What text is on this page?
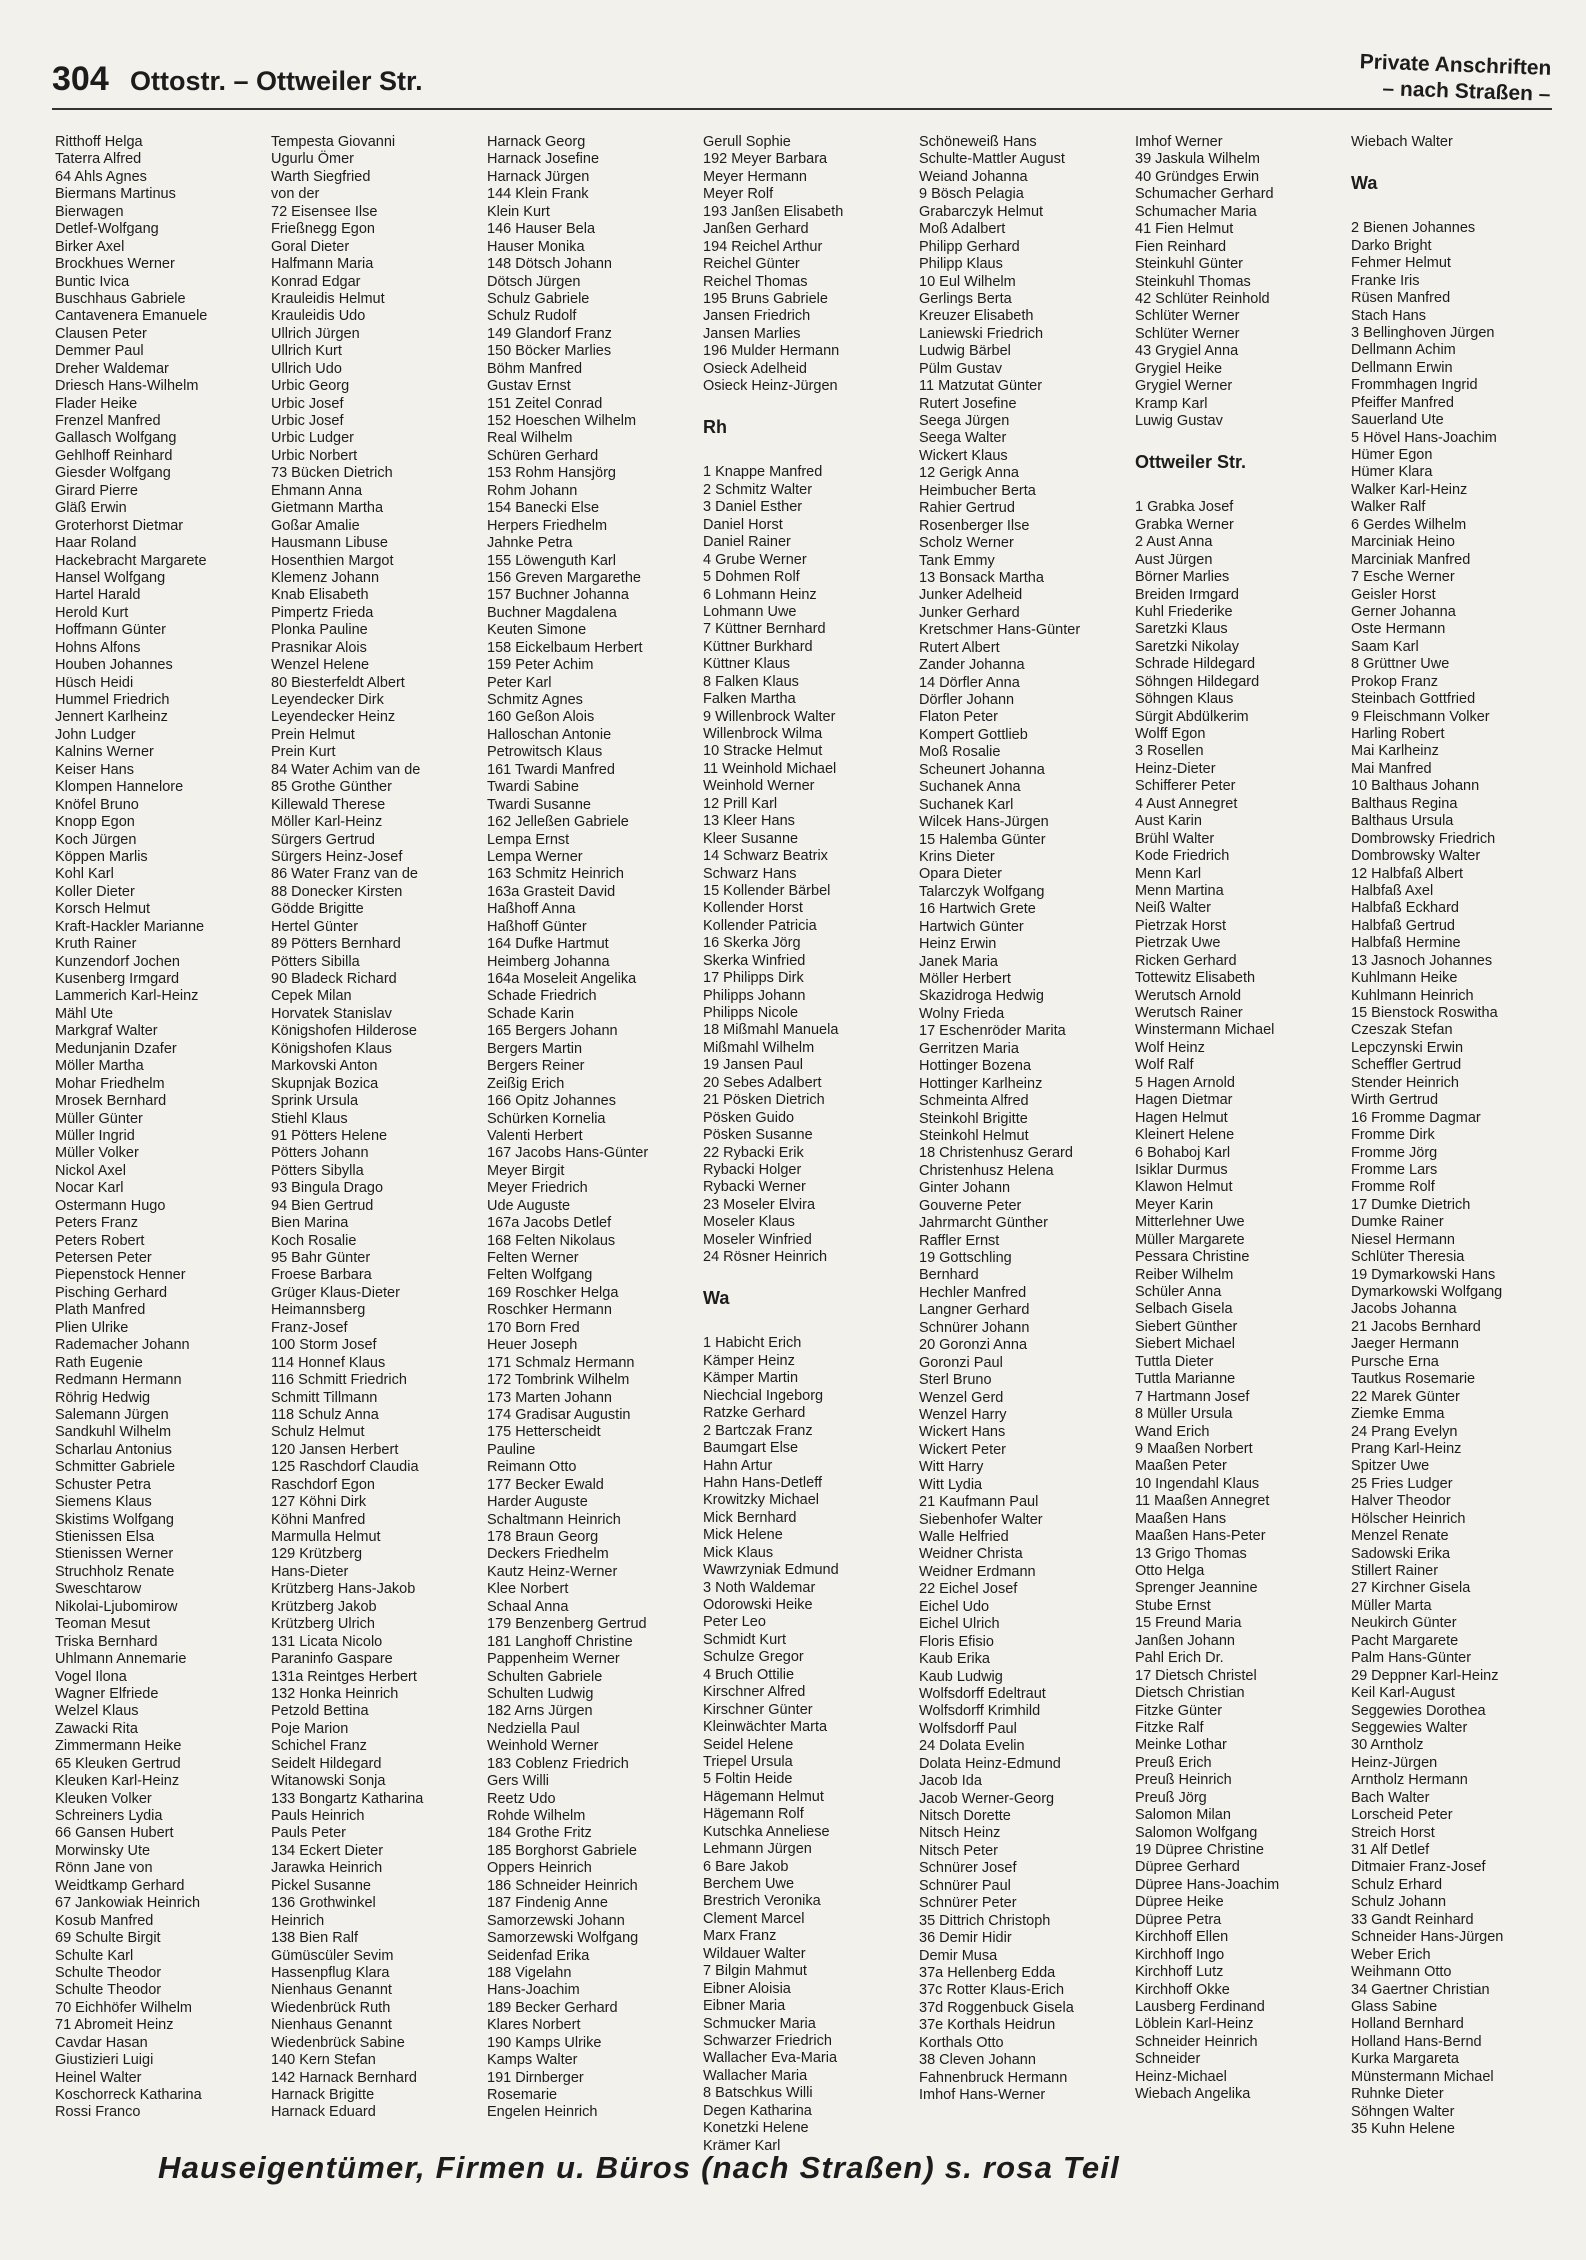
304 Ottostr. – Ottweiler Str.
Private Anschriften
– nach Straßen –
Ritthoff Helga
Taterra Alfred
64 Ahls Agnes
Biermans Martinus
Bierwagen
Detlef-Wolfgang
Birker Axel
Brockhues Werner
Buntic Ivica
Buschhaus Gabriele
Cantavenera Emanuele
Clausen Peter
Demmer Paul
Dreher Waldemar
Driesch Hans-Wilhelm
Flader Heike
Frenzel Manfred
Gallasch Wolfgang
Gehlhoff Reinhard
Giesder Wolfgang
Girard Pierre
Gläß Erwin
Groterhorst Dietmar
Haar Roland
Hackebracht Margarete
Hansel Wolfgang
Hartel Harald
Herold Kurt
Hoffmann Günter
Hohns Alfons
Houben Johannes
Hüsch Heidi
Hummel Friedrich
Jennert Karlheinz
John Ludger
Kalnins Werner
Keiser Hans
Klompen Hannelore
Knöfel Bruno
Knopp Egon
Koch Jürgen
Köppen Marlis
Kohl Karl
Koller Dieter
Korsch Helmut
Kraft-Hackler Marianne
Kruth Rainer
Kunzendorf Jochen
Kusenberg Irmgard
Lammerich Karl-Heinz
Mähl Ute
Markgraf Walter
Medunjanin Dzafer
Möller Martha
Mohar Friedhelm
Mrosek Bernhard
Müller Günter
Müller Ingrid
Müller Volker
Nickol Axel
Nocar Karl
Ostermann Hugo
Peters Franz
Peters Robert
Petersen Peter
Piepenstock Henner
Pisching Gerhard
Plath Manfred
Plien Ulrike
Rademacher Johann
Rath Eugenie
Redmann Hermann
Röhrig Hedwig
Salemann Jürgen
Sandkuhl Wilhelm
Scharlau Antonius
Schmitter Gabriele
Schuster Petra
Siemens Klaus
Skistims Wolfgang
Stienissen Elsa
Stienissen Werner
Struchholz Renate
Sweschtarow
Nikolai-Ljubomirow
Teoman Mesut
Triska Bernhard
Uhlmann Annemarie
Vogel Ilona
Wagner Elfriede
Welzel Klaus
Zawacki Rita
Zimmermann Heike
65 Kleuken Gertrud
Kleuken Karl-Heinz
Kleuken Volker
Schreiners Lydia
66 Gansen Hubert
Morwinsky Ute
Rönn Jane von
Weidtkamp Gerhard
67 Jankowiak Heinrich
Kosub Manfred
69 Schulte Birgit
Schulte Karl
Schulte Theodor
Schulte Theodor
70 Eichhöfer Wilhelm
71 Abromeit Heinz
Cavdar Hasan
Giustizieri Luigi
Heinel Walter
Koschorreck Katharina
Rossi Franco
Tempesta Giovanni
Ugurlu Ömer
Warth Siegfried
von der
72 Eisensee Ilse
Frießnegg Egon
Goral Dieter
Halfmann Maria
Konrad Edgar
Krauleidis Helmut
Krauleidis Udo
Ullrich Jürgen
Ullrich Kurt
Ullrich Udo
Urbic Georg
Urbic Josef
Urbic Josef
Urbic Ludger
Urbic Norbert
73 Bücken Dietrich
Ehmann Anna
Gietmann Martha
Goßar Amalie
Hausmann Libuse
Hosenthien Margot
Klemenz Johann
Knab Elisabeth
Pimpertz Frieda
Plonka Pauline
Prasnikar Alois
Wenzel Helene
80 Biesterfeldt Albert
Leyendecker Dirk
Leyendecker Heinz
Prein Helmut
Prein Kurt
84 Water Achim van de
85 Grothe Günther
Killewald Therese
Möller Karl-Heinz
Sürgers Gertrud
Sürgers Heinz-Josef
86 Water Franz van de
88 Donecker Kirsten
Gödde Brigitte
Hertel Günter
89 Pötters Bernhard
Pötters Sibilla
90 Bladeck Richard
Cepek Milan
Horvatek Stanislav
Königshofen Hilderose
Königshofen Klaus
Markovski Anton
Skupnjak Bozica
Sprink Ursula
Stiehl Klaus
91 Pötters Helene
Pötters Johann
Pötters Sibylla
93 Bingula Drago
94 Bien Gertrud
Bien Marina
Koch Rosalie
95 Bahr Günter
Froese Barbara
Grüger Klaus-Dieter
Heimannsberg
Franz-Josef
100 Storm Josef
114 Honnef Klaus
116 Schmitt Friedrich
Schmitt Tillmann
118 Schulz Anna
Schulz Helmut
120 Jansen Herbert
125 Raschdorf Claudia
Raschdorf Egon
127 Köhni Dirk
Köhni Manfred
Marmulla Helmut
129 Krützberg
Hans-Dieter
Krützberg Hans-Jakob
Krützberg Jakob
Krützberg Ulrich
131 Licata Nicolo
Paraninfo Gaspare
131a Reintges Herbert
132 Honka Heinrich
Petzold Bettina
Poje Marion
Schichel Franz
Seidelt Hildegard
Witanowski Sonja
133 Bongartz Katharina
Pauls Heinrich
Pauls Peter
134 Eckert Dieter
Jarawka Heinrich
Pickel Susanne
136 Grothwinkel
Heinrich
138 Bien Ralf
Gümüscüler Sevim
Hassenpflug Klara
Nienhaus Genannt
Wiedenbrück Ruth
Nienhaus Genannt
Wiedenbrück Sabine
140 Kern Stefan
142 Harnack Bernhard
Harnack Brigitte
Harnack Eduard
Harnack Georg
Harnack Josefine
Harnack Jürgen
144 Klein Frank
Klein Kurt
146 Hauser Bela
Hauser Monika
148 Dötsch Johann
Dötsch Jürgen
Schulz Gabriele
Schulz Rudolf
149 Glandorf Franz
150 Böcker Marlies
Böhm Manfred
Gustav Ernst
151 Zeitel Conrad
152 Hoeschen Wilhelm
Real Wilhelm
Schüren Gerhard
153 Rohm Hansjörg
Rohm Johann
154 Banecki Else
Herpers Friedhelm
Jahnke Petra
155 Löwenguth Karl
156 Greven Margarethe
157 Buchner Johanna
Buchner Magdalena
Keuten Simone
158 Eickelbaum Herbert
159 Peter Achim
Peter Karl
Schmitz Agnes
160 Geßon Alois
Halloschan Antonie
Petrowitsch Klaus
161 Twardi Manfred
Twardi Sabine
Twardi Susanne
162 Jelleßen Gabriele
Lempa Ernst
Lempa Werner
163 Schmitz Heinrich
163a Grasteit David
Haßhoff Anna
Haßhoff Günter
164 Dufke Hartmut
Heimberg Johanna
164a Moseleit Angelika
Schade Friedrich
Schade Karin
165 Bergers Johann
Bergers Martin
Bergers Reiner
Zeißig Erich
166 Opitz Johannes
Schürken Kornelia
Valenti Herbert
167 Jacobs Hans-Günter
Meyer Birgit
Meyer Friedrich
Ude Auguste
167a Jacobs Detlef
168 Felten Nikolaus
Felten Werner
Felten Wolfgang
169 Roschker Helga
Roschker Hermann
170 Born Fred
Heuer Joseph
171 Schmalz Hermann
172 Tombrink Wilhelm
173 Marten Johann
174 Gradisar Augustin
175 Hetterscheidt
Pauline
Reimann Otto
177 Becker Ewald
Harder Auguste
Schaltmann Heinrich
178 Braun Georg
Deckers Friedhelm
Kautz Heinz-Werner
Klee Norbert
Schaal Anna
179 Benzenberg Gertrud
181 Langhoff Christine
Pappenheim Werner
Schulten Gabriele
Schulten Ludwig
182 Arns Jürgen
Nedziella Paul
Weinhold Werner
183 Coblenz Friedrich
Gers Willi
Reetz Udo
Rohde Wilhelm
184 Grothe Fritz
185 Borghorst Gabriele
Oppers Heinrich
186 Schneider Heinrich
187 Findenig Anne
Samorzewski Johann
Samorzewski Wolfgang
Seidenfad Erika
188 Vigelahn
Hans-Joachim
189 Becker Gerhard
Klares Norbert
190 Kamps Ulrike
Kamps Walter
191 Dirnberger
Rosemarie
Engelen Heinrich
Gerull Sophie
192 Meyer Barbara
Meyer Hermann
Meyer Rolf
193 Janßen Elisabeth
Janßen Gerhard
194 Reichel Arthur
Reichel Günter
Reichel Thomas
195 Bruns Gabriele
Jansen Friedrich
Jansen Marlies
196 Mulder Hermann
Osieck Adelheid
Osieck Heinz-Jürgen
Rh
1 Knappe Manfred
2 Schmitz Walter
3 Daniel Esther
Daniel Horst
Daniel Rainer
4 Grube Werner
5 Dohmen Rolf
6 Lohmann Heinz
Lohmann Uwe
7 Küttner Bernhard
Küttner Burkhard
Küttner Klaus
8 Falken Klaus
Falken Martha
9 Willenbrock Walter
Willenbrock Wilma
10 Stracke Helmut
11 Weinhold Michael
Weinhold Werner
12 Prill Karl
13 Kleer Hans
Kleer Susanne
14 Schwarz Beatrix
Schwarz Hans
15 Kollender Bärbel
Kollender Horst
Kollender Patricia
16 Skerka Jörg
Skerka Winfried
17 Philipps Dirk
Philipps Johann
Philipps Nicole
18 Mißmahl Manuela
Mißmahl Wilhelm
19 Jansen Paul
20 Sebes Adalbert
21 Pösken Dietrich
Pösken Guido
Pösken Susanne
22 Rybacki Erik
Rybacki Holger
Rybacki Werner
23 Moseler Elvira
Moseler Klaus
Moseler Winfried
24 Rösner Heinrich
Wa
1 Habicht Erich
Kämper Heinz
Kämper Martin
Niechcial Ingeborg
Ratzke Gerhard
2 Bartczak Franz
Baumgart Else
Hahn Artur
Hahn Hans-Detleff
Krowitzky Michael
Mick Bernhard
Mick Helene
Mick Klaus
Wawrzyniak Edmund
3 Noth Waldemar
Odorowski Heike
Peter Leo
Schmidt Kurt
Schulze Gregor
4 Bruch Ottilie
Kirschner Alfred
Kirschner Günter
Kleinwächter Marta
Seidel Helene
Triepel Ursula
5 Foltin Heide
Hägemann Helmut
Hägemann Rolf
Kutschka Anneliese
Lehmann Jürgen
6 Bare Jakob
Berchem Uwe
Brestrich Veronika
Clement Marcel
Marx Franz
Wildauer Walter
7 Bilgin Mahmut
Eibner Aloisia
Eibner Maria
Schmucker Maria
Schwarzer Friedrich
Wallacher Eva-Maria
Wallacher Maria
8 Batschkus Willi
Degen Katharina
Konetzki Helene
Krämer Karl
Schöneweiß Hans
Schulte-Mattler August
Weiand Johanna
9 Bösch Pelagia
Grabarczyk Helmut
Moß Adalbert
Philipp Gerhard
Philipp Klaus
10 Eul Wilhelm
Gerlings Berta
Kreuzer Elisabeth
Laniewski Friedrich
Ludwig Bärbel
Pülm Gustav
11 Matzutat Günter
Rutert Josefine
Seega Jürgen
Seega Walter
Wickert Klaus
12 Gerigk Anna
Heimbucher Berta
Rahier Gertrud
Rosenberger Ilse
Scholz Werner
Tank Emmy
13 Bonsack Martha
Junker Adelheid
Junker Gerhard
Kretschmer Hans-Günter
Rutert Albert
Zander Johanna
14 Dörfler Anna
Dörfler Johann
Flaton Peter
Kompert Gottlieb
Moß Rosalie
Scheunert Johanna
Suchanek Anna
Suchanek Karl
Wilcek Hans-Jürgen
15 Halemba Günter
Krins Dieter
Opara Dieter
Talarczyk Wolfgang
16 Hartwich Grete
Hartwich Günter
Heinz Erwin
Janek Maria
Möller Herbert
Skazidroga Hedwig
Wolny Frieda
17 Eschenröder Marita
Gerritzen Maria
Hottinger Bozena
Hottinger Karlheinz
Schmeinta Alfred
Steinkohl Brigitte
Steinkohl Helmut
18 Christenhusz Gerard
Christenhusz Helena
Ginter Johann
Gouverne Peter
Jahrmarcht Günther
Raffler Ernst
19 Gottschling
Bernhard
Hechler Manfred
Langner Gerhard
Schnürer Johann
20 Goronzi Anna
Goronzi Paul
Sterl Bruno
Wenzel Gerd
Wenzel Harry
Wickert Hans
Wickert Peter
Witt Harry
Witt Lydia
21 Kaufmann Paul
Siebenhofer Walter
Walle Helfried
Weidner Christa
Weidner Erdmann
22 Eichel Josef
Eichel Udo
Eichel Ulrich
Floris Efisio
Kaub Erika
Kaub Ludwig
Wolfsdorff Edeltraut
Wolfsdorff Krimhild
Wolfsdorff Paul
24 Dolata Evelin
Dolata Heinz-Edmund
Jacob Ida
Jacob Werner-Georg
Nitsch Dorette
Nitsch Heinz
Nitsch Peter
Schnürer Josef
Schnürer Paul
Schnürer Peter
35 Dittrich Christoph
36 Demir Hidir
Demir Musa
37a Hellenberg Edda
37c Rotter Klaus-Erich
37d Roggenbuck Gisela
37e Korthals Heidrun
Korthals Otto
38 Cleven Johann
Fahnenbruck Hermann
Imhof Hans-Werner
Imhof Werner
39 Jaskula Wilhelm
40 Gründges Erwin
Schumacher Gerhard
Schumacher Maria
41 Fien Helmut
Fien Reinhard
Steinkuhl Günter
Steinkuhl Thomas
42 Schlüter Reinhold
Schlüter Werner
Schlüter Werner
43 Grygiel Anna
Grygiel Heike
Grygiel Werner
Kramp Karl
Luwig Gustav
Ottweiler Str.
1 Grabka Josef
Grabka Werner
2 Aust Anna
Aust Jürgen
Börner Marlies
Breiden Irmgard
Kuhl Friederike
Saretzki Klaus
Saretzki Nikolay
Schrade Hildegard
Söhngen Hildegard
Söhngen Klaus
Sürgit Abdülkerim
Wolff Egon
3 Rosellen
Heinz-Dieter
Schifferer Peter
4 Aust Annegret
Aust Karin
Brühl Walter
Kode Friedrich
Menn Karl
Menn Martina
Neiß Walter
Pietrzak Horst
Pietrzak Uwe
Ricken Gerhard
Tottewitz Elisabeth
Werutsch Arnold
Werutsch Rainer
Winstermann Michael
Wolf Heinz
Wolf Ralf
5 Hagen Arnold
Hagen Dietmar
Hagen Helmut
Kleinert Helene
6 Bohaboj Karl
Isiklar Durmus
Klawon Helmut
Meyer Karin
Mitterlehner Uwe
Müller Margarete
Pessara Christine
Reiber Wilhelm
Schüler Anna
Selbach Gisela
Siebert Günther
Siebert Michael
Tuttla Dieter
Tuttla Marianne
7 Hartmann Josef
8 Müller Ursula
Wand Erich
9 Maaßen Norbert
Maaßen Peter
10 Ingendahl Klaus
11 Maaßen Annegret
Maaßen Hans
Maaßen Hans-Peter
13 Grigo Thomas
Otto Helga
Sprenger Jeannine
Stube Ernst
15 Freund Maria
Janßen Johann
Pahl Erich Dr.
17 Dietsch Christel
Dietsch Christian
Fitzke Günter
Fitzke Ralf
Meinke Lothar
Preuß Erich
Preuß Heinrich
Preuß Jörg
Salomon Milan
Salomon Wolfgang
19 Düpree Christine
Düpree Gerhard
Düpree Hans-Joachim
Düpree Heike
Düpree Petra
Kirchhoff Ellen
Kirchhoff Ingo
Kirchhoff Lutz
Kirchhoff Okke
Lausberg Ferdinand
Löblein Karl-Heinz
Schneider Heinrich
Schneider
Heinz-Michael
Wiebach Angelika
Wiebach Walter
Wa
2 Bienen Johannes
Darko Bright
Fehmer Helmut
Franke Iris
Rüsen Manfred
Stach Hans
3 Bellinghoven Jürgen
Dellmann Achim
Dellmann Erwin
Frommhagen Ingrid
Pfeiffer Manfred
Sauerland Ute
5 Hövel Hans-Joachim
Hümer Egon
Hümer Klara
Walker Karl-Heinz
Walker Ralf
6 Gerdes Wilhelm
Marciniak Heino
Marciniak Manfred
7 Esche Werner
Geisler Horst
Gerner Johanna
Oste Hermann
Saam Karl
8 Grüttner Uwe
Prokop Franz
Steinbach Gottfried
9 Fleischmann Volker
Harling Robert
Mai Karlheinz
Mai Manfred
10 Balthaus Johann
Balthaus Regina
Balthaus Ursula
Dombrowsky Friedrich
Dombrowsky Walter
12 Halbfaß Albert
Halbfaß Axel
Halbfaß Eckhard
Halbfaß Gertrud
Halbfaß Hermine
13 Jasnoch Johannes
Kuhlmann Heike
Kuhlmann Heinrich
15 Bienstock Roswitha
Czeszak Stefan
Lepczynski Erwin
Scheffler Gertrud
Stender Heinrich
Wirth Gertrud
16 Fromme Dagmar
Fromme Dirk
Fromme Jörg
Fromme Lars
Fromme Rolf
17 Dumke Dietrich
Dumke Rainer
Niesel Hermann
Schlüter Theresia
19 Dymarkowski Hans
Dymarkowski Wolfgang
Jacobs Johanna
21 Jacobs Bernhard
Jaeger Hermann
Pursche Erna
Tautkus Rosemarie
22 Marek Günter
Ziemke Emma
24 Prang Evelyn
Prang Karl-Heinz
Spitzer Uwe
25 Fries Ludger
Halver Theodor
Hölscher Heinrich
Menzel Renate
Sadowski Erika
Stillert Rainer
27 Kirchner Gisela
Müller Marta
Neukirch Günter
Pacht Margarete
Palm Hans-Günter
29 Deppner Karl-Heinz
Keil Karl-August
Seggewies Dorothea
Seggewies Walter
30 Arntholz
Heinz-Jürgen
Arntholz Hermann
Bach Walter
Lorscheid Peter
Streich Horst
31 Alf Detlef
Ditmaier Franz-Josef
Schulz Erhard
Schulz Johann
33 Gandt Reinhard
Schneider Hans-Jürgen
Weber Erich
Weihmann Otto
34 Gaertner Christian
Glass Sabine
Holland Bernhard
Holland Hans-Bernd
Kurka Margareta
Münstermann Michael
Ruhnke Dieter
Söhngen Walter
35 Kuhn Helene
Hauseigentümer, Firmen u. Büros (nach Straßen) s. rosa Teil
